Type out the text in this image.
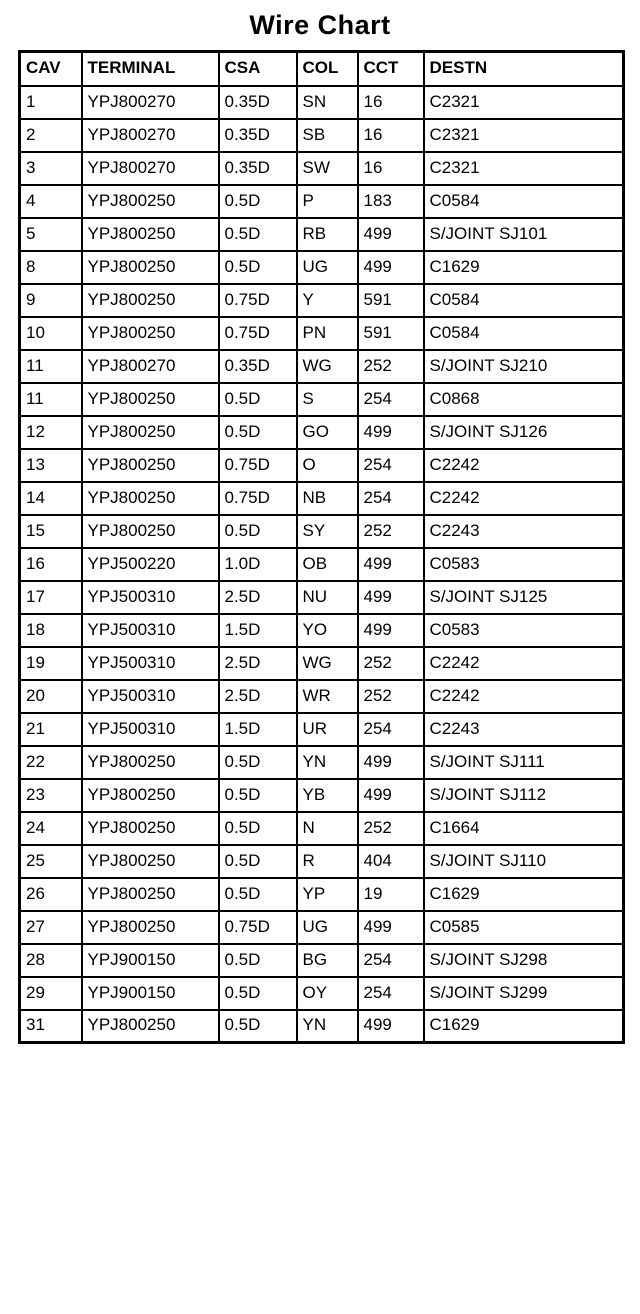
Wire Chart
CAV	TERMINAL	CSA	COL	CCT	DESTN
1	YPJ800270	0.35D	SN	16	C2321
2	YPJ800270	0.35D	SB	16	C2321
3	YPJ800270	0.35D	SW	16	C2321
4	YPJ800250	0.5D	P	183	C0584
5	YPJ800250	0.5D	RB	499	S/JOINT SJ101
8	YPJ800250	0.5D	UG	499	C1629
9	YPJ800250	0.75D	Y	591	C0584
10	YPJ800250	0.75D	PN	591	C0584
11	YPJ800270	0.35D	WG	252	S/JOINT SJ210
11	YPJ800250	0.5D	S	254	C0868
12	YPJ800250	0.5D	GO	499	S/JOINT SJ126
13	YPJ800250	0.75D	O	254	C2242
14	YPJ800250	0.75D	NB	254	C2242
15	YPJ800250	0.5D	SY	252	C2243
16	YPJ500220	1.0D	OB	499	C0583
17	YPJ500310	2.5D	NU	499	S/JOINT SJ125
18	YPJ500310	1.5D	YO	499	C0583
19	YPJ500310	2.5D	WG	252	C2242
20	YPJ500310	2.5D	WR	252	C2242
21	YPJ500310	1.5D	UR	254	C2243
22	YPJ800250	0.5D	YN	499	S/JOINT SJ111
23	YPJ800250	0.5D	YB	499	S/JOINT SJ112
24	YPJ800250	0.5D	N	252	C1664
25	YPJ800250	0.5D	R	404	S/JOINT SJ110
26	YPJ800250	0.5D	YP	19	C1629
27	YPJ800250	0.75D	UG	499	C0585
28	YPJ900150	0.5D	BG	254	S/JOINT SJ298
29	YPJ900150	0.5D	OY	254	S/JOINT SJ299
31	YPJ800250	0.5D	YN	499	C1629
